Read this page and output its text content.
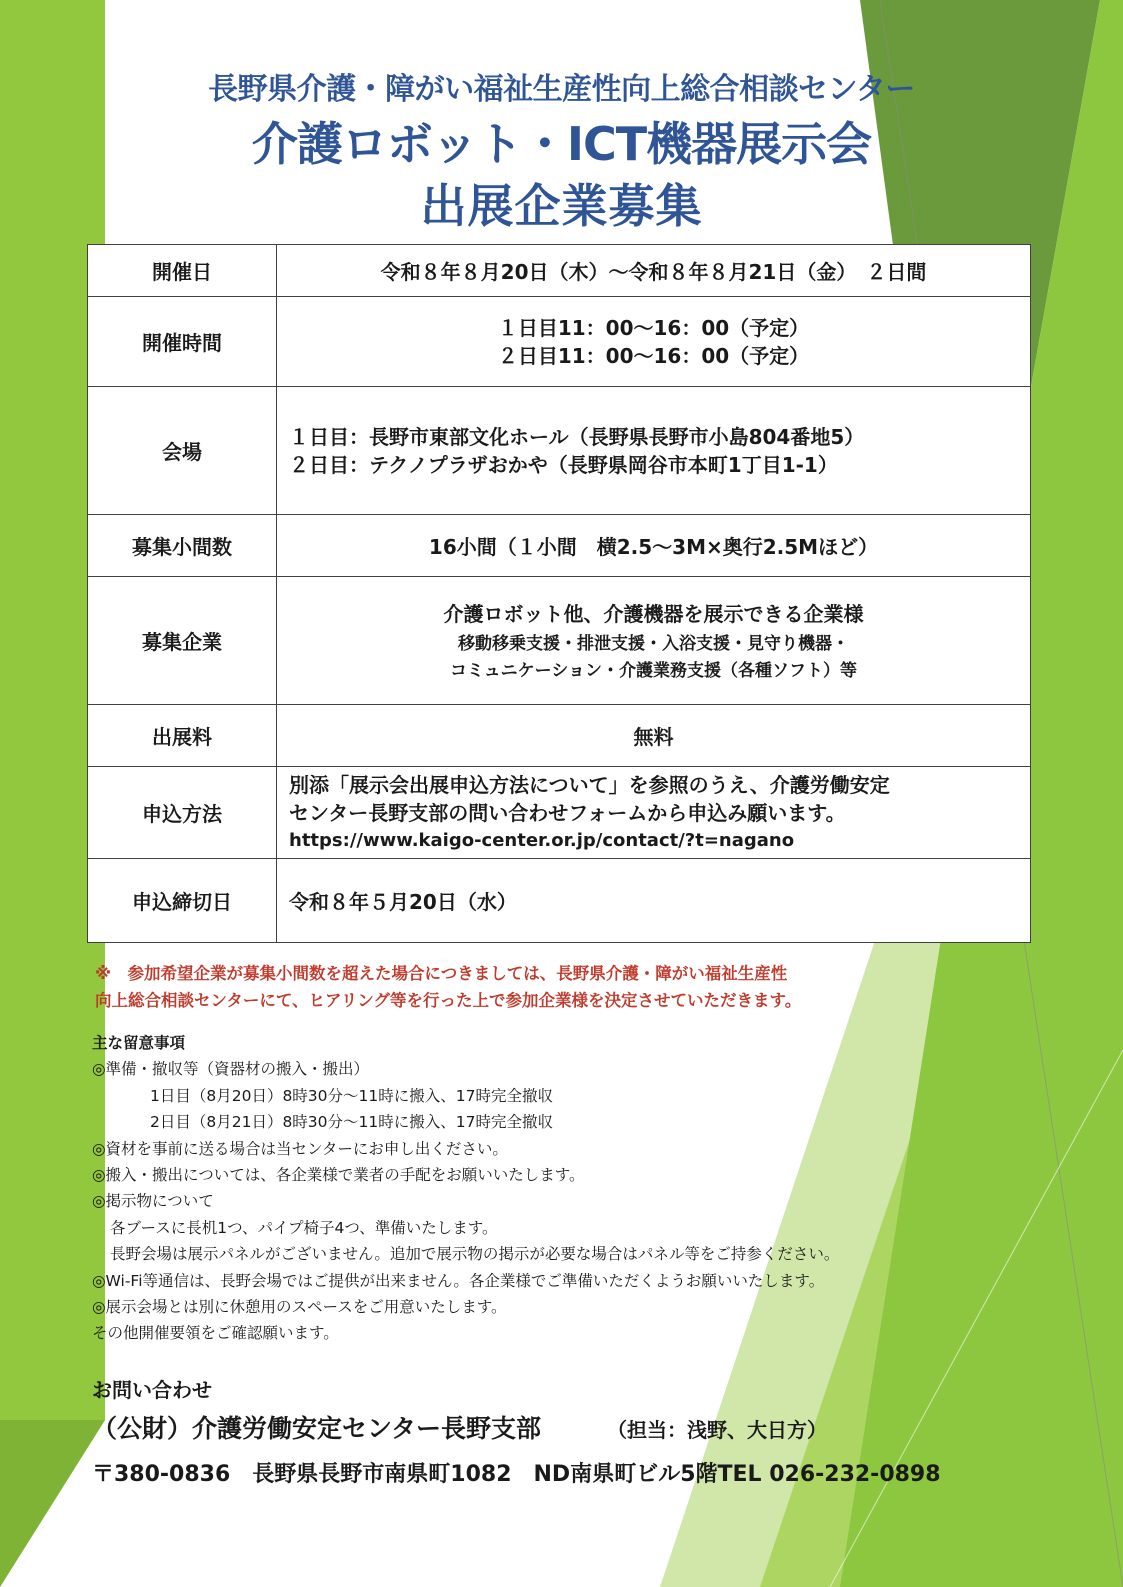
長野県介護・障がい福祉生産性向上総合相談センター
介護ロボット・ICT機器展示会
出展企業募集
開催日	令和８年８月20日（木）～令和８年８月21日（金）　２日間
開催時間	１日目11：00～16：00（予定）
２日目11：00～16：00（予定）

会場	１日目：長野市東部文化ホール（長野県長野市小島804番地5）
２日目：テクノプラザおかや（長野県岡谷市本町1丁目1-1）

募集小間数	16小間（１小間　横2.5～3M×奥行2.5Mほど）
募集企業	介護ロボット他、介護機器を展示できる企業様
移動移乗支援・排泄支援・入浴支援・見守り機器・
コミュニケーション・介護業務支援（各種ソフト）等

出展料	無料
申込方法	別添「展示会出展申込方法について」を参照のうえ、介護労働安定
センター長野支部の問い合わせフォームから申込み願います。
https://www.kaigo-center.or.jp/contact/?t=nagano

申込締切日	令和８年５月20日（水）
※　参加希望企業が募集小間数を超えた場合につきましては、長野県介護・障がい福祉生産性
向上総合相談センターにて、ヒアリング等を行った上で参加企業様を決定させていただきます。
主な留意事項
◎準備・撤収等（資器材の搬入・搬出）
1日目（8月20日）8時30分～11時に搬入、17時完全撤収
2日目（8月21日）8時30分～11時に搬入、17時完全撤収
◎資材を事前に送る場合は当センターにお申し出ください。
◎搬入・搬出については、各企業様で業者の手配をお願いいたします。
◎掲示物について
各ブースに長机1つ、パイプ椅子4つ、準備いたします。
長野会場は展示パネルがございません。追加で展示物の掲示が必要な場合はパネル等をご持参ください。
◎Wi-Fi等通信は、長野会場ではご提供が出来ません。各企業様でご準備いただくようお願いいたします。
◎展示会場とは別に休憩用のスペースをご用意いたします。
その他開催要領をご確認願います。
お問い合わせ
（公財）介護労働安定センター長野支部	（担当：浅野、大日方）
〒380-0836　長野県長野市南県町1082　ND南県町ビル5階TEL 026-232-0898
